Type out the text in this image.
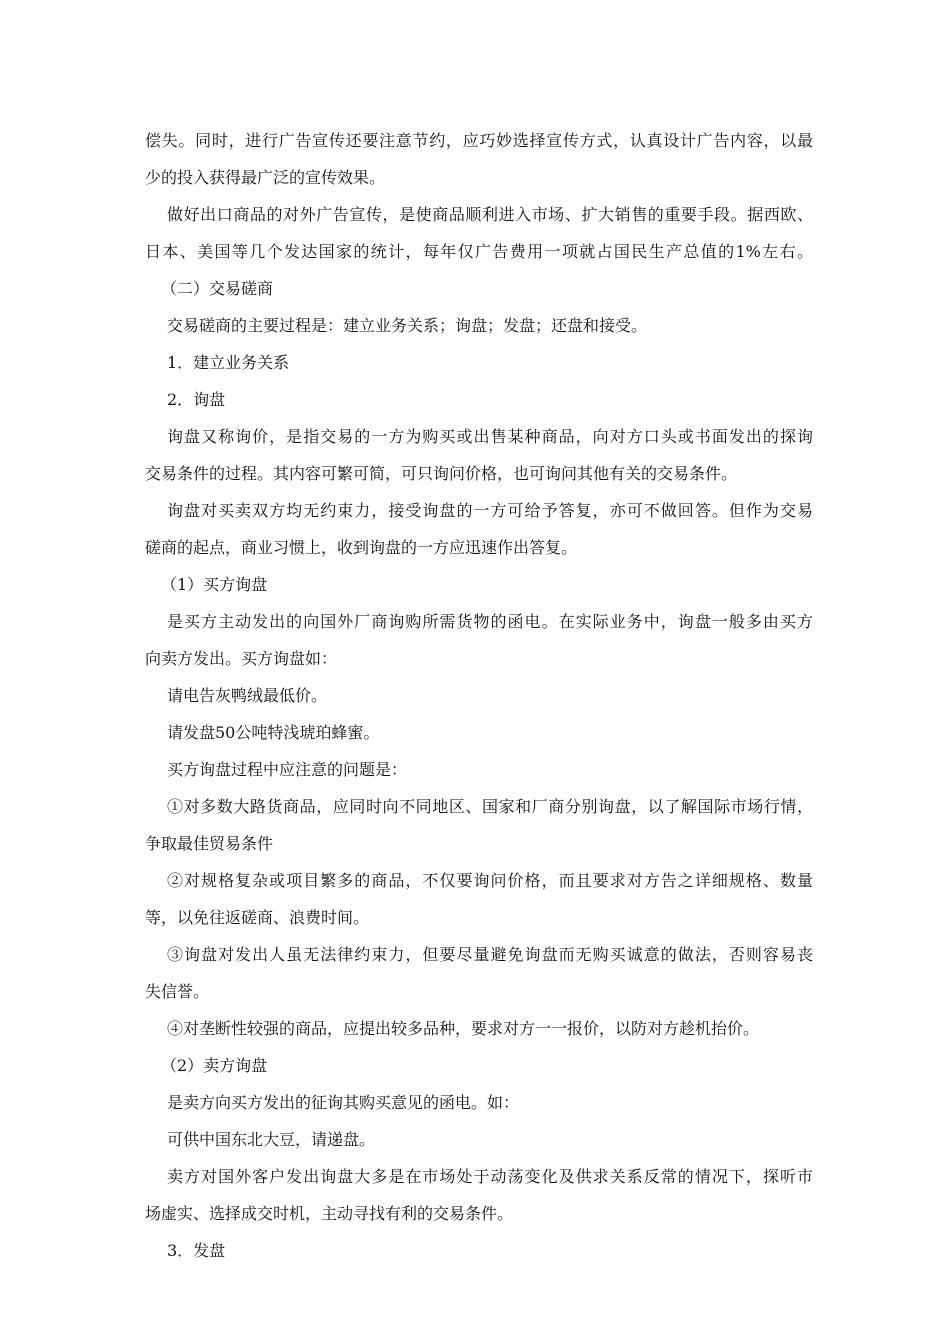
偿失。同时，进行广告宣传还要注意节约，应巧妙选择宣传方式，认真设计广告内容，以最
少的投入获得最广泛的宣传效果。
做好出口商品的对外广告宣传，是使商品顺利进入市场、扩大销售的重要手段。据西欧、
日本、美国等几个发达国家的统计，每年仅广告费用一项就占国民生产总值的1%左右。
（二）交易磋商
交易磋商的主要过程是：建立业务关系；询盘；发盘；还盘和接受。
1．建立业务关系
2．询盘
询盘又称询价，是指交易的一方为购买或出售某种商品，向对方口头或书面发出的探询
交易条件的过程。其内容可繁可简，可只询问价格，也可询问其他有关的交易条件。
询盘对买卖双方均无约束力，接受询盘的一方可给予答复，亦可不做回答。但作为交易
磋商的起点，商业习惯上，收到询盘的一方应迅速作出答复。
（1）买方询盘
是买方主动发出的向国外厂商询购所需货物的函电。在实际业务中，询盘一般多由买方
向卖方发出。买方询盘如：
请电告灰鸭绒最低价。
请发盘50公吨特浅琥珀蜂蜜。
买方询盘过程中应注意的问题是：
①对多数大路货商品，应同时向不同地区、国家和厂商分别询盘，以了解国际市场行情，
争取最佳贸易条件
②对规格复杂或项目繁多的商品，不仅要询问价格，而且要求对方告之详细规格、数量
等，以免往返磋商、浪费时间。
③询盘对发出人虽无法律约束力，但要尽量避免询盘而无购买诚意的做法，否则容易丧
失信誉。
④对垄断性较强的商品，应提出较多品种，要求对方一一报价，以防对方趁机抬价。
（2）卖方询盘
是卖方向买方发出的征询其购买意见的函电。如：
可供中国东北大豆，请递盘。
卖方对国外客户发出询盘大多是在市场处于动荡变化及供求关系反常的情况下，探听市
场虚实、选择成交时机，主动寻找有利的交易条件。
3．发盘
